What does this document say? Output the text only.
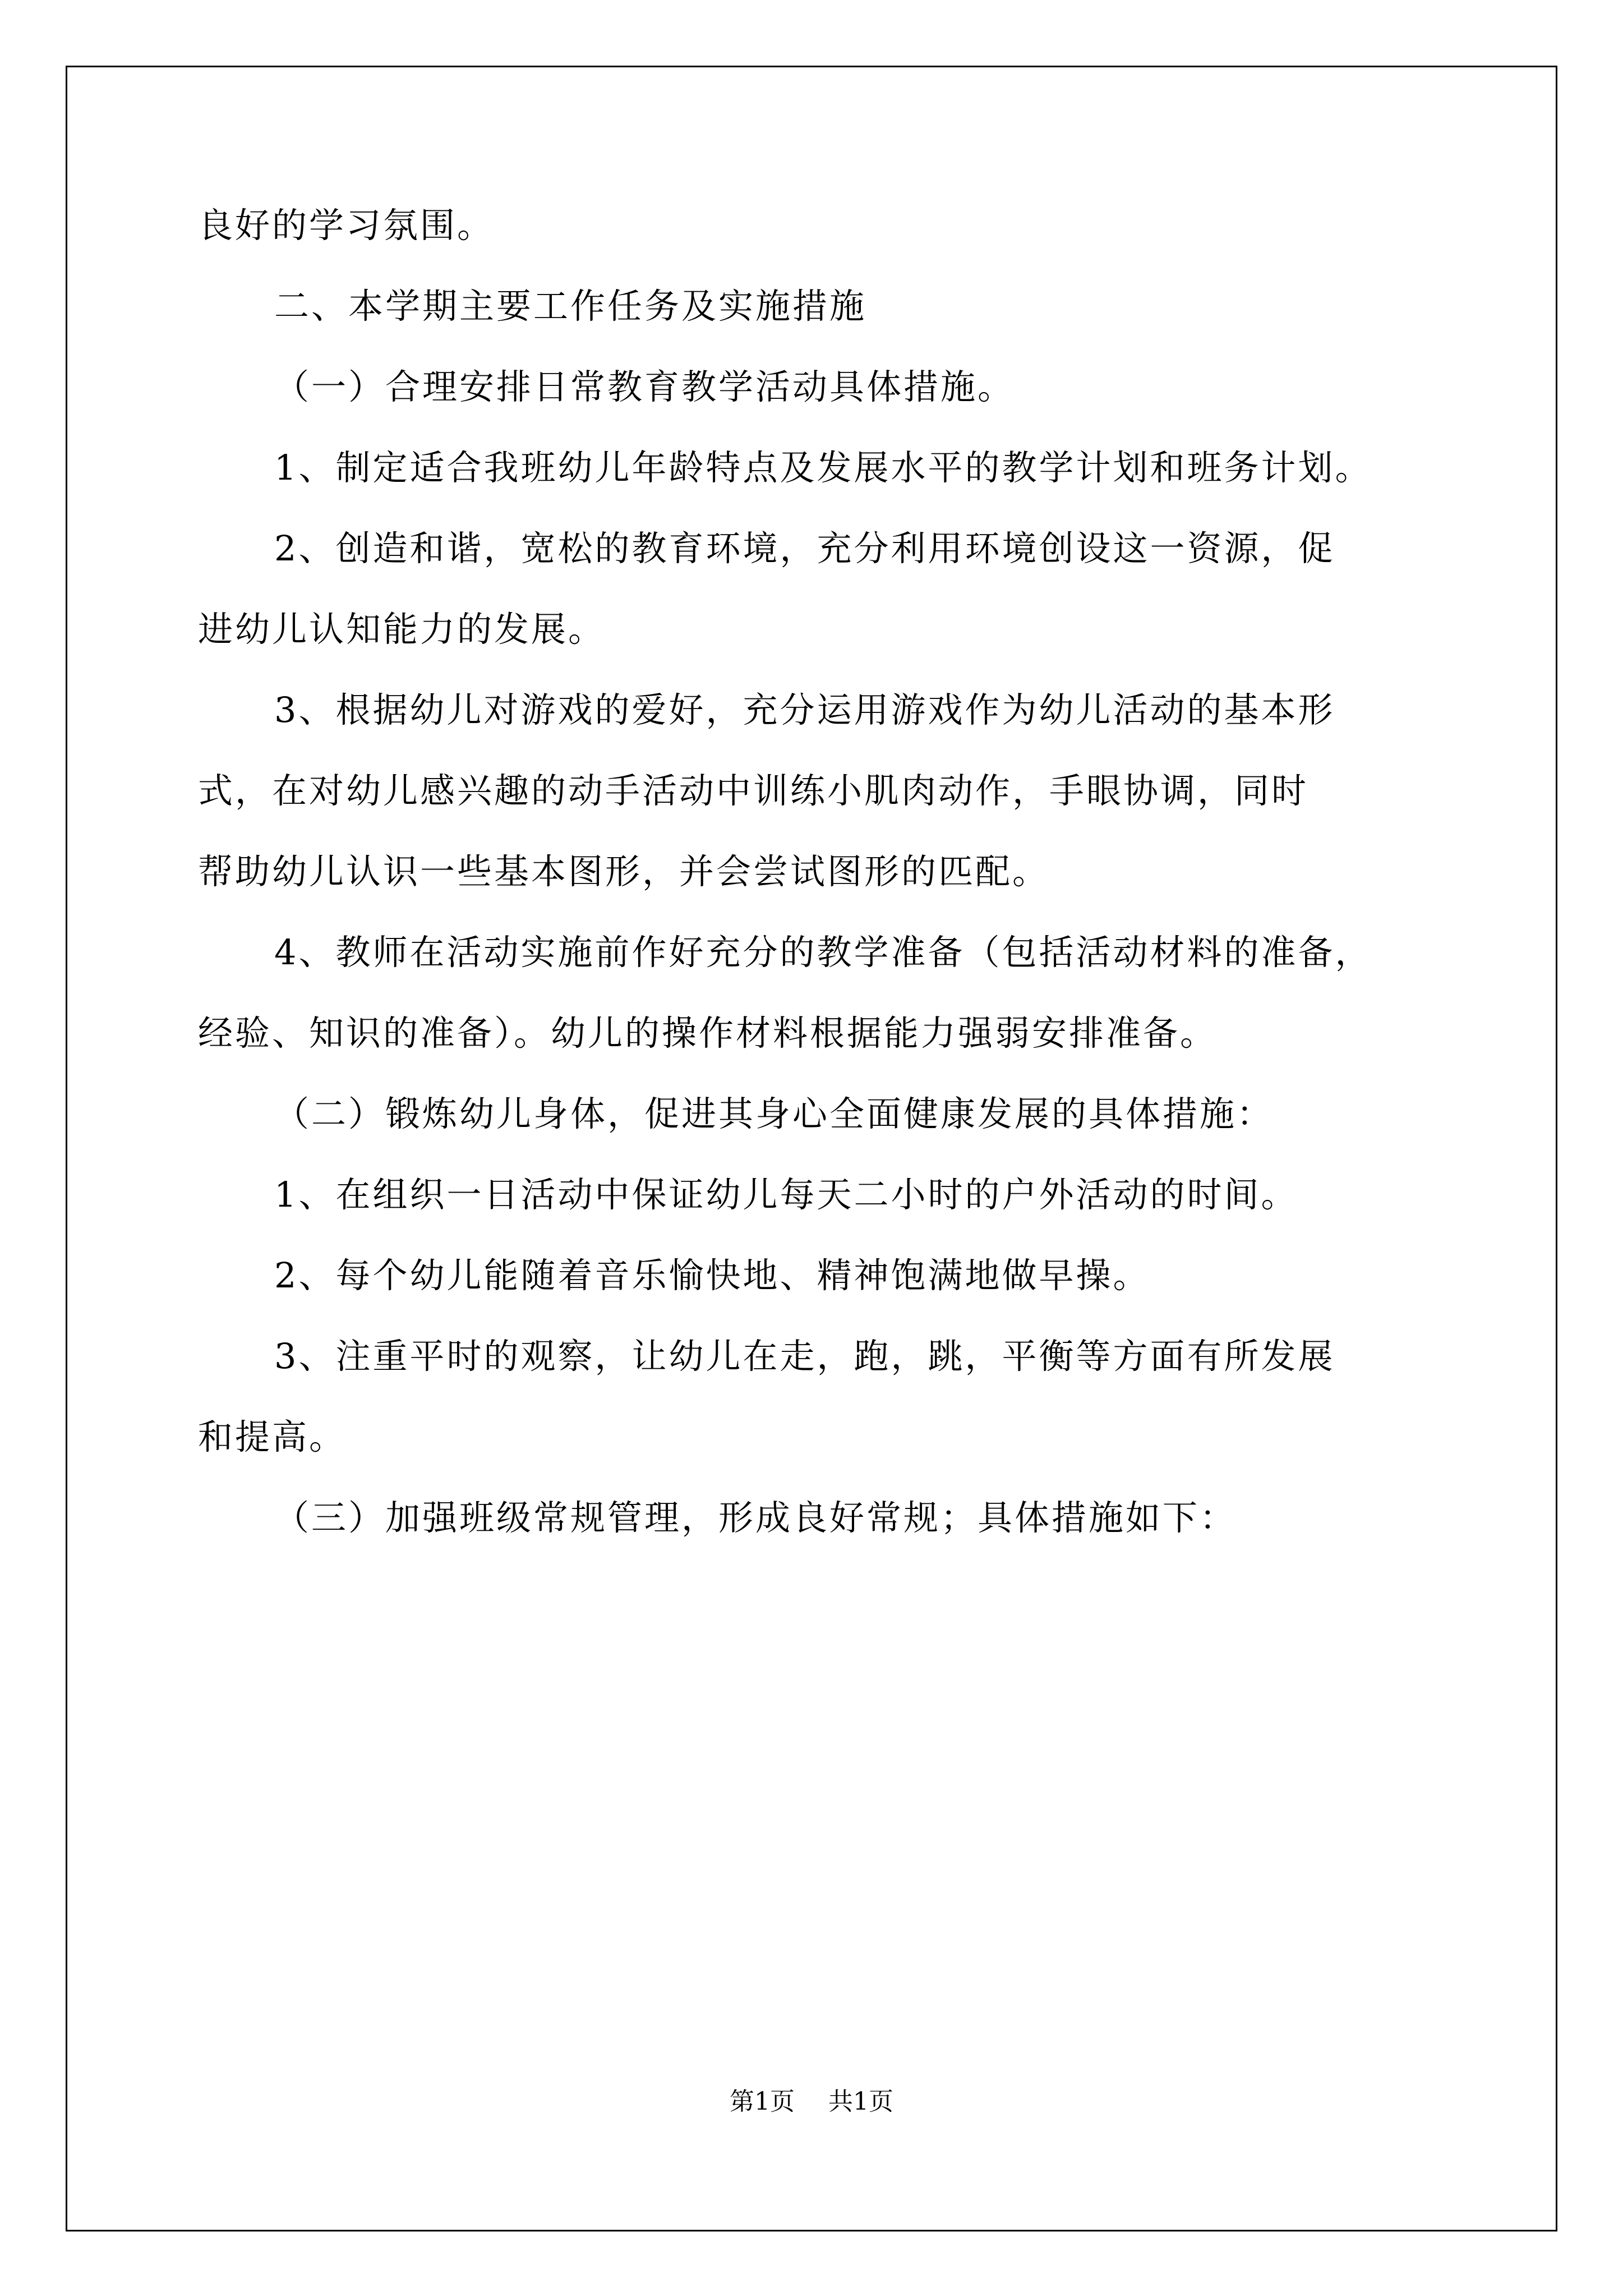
良好的学习氛围。

二、本学期主要工作任务及实施措施

（一）合理安排日常教育教学活动具体措施。

1、制定适合我班幼儿年龄特点及发展水平的教学计划和班务计划。

2、创造和谐，宽松的教育环境，充分利用环境创设这一资源，促

进幼儿认知能力的发展。

3、根据幼儿对游戏的爱好，充分运用游戏作为幼儿活动的基本形

式，在对幼儿感兴趣的动手活动中训练小肌肉动作，手眼协调，同时

帮助幼儿认识一些基本图形，并会尝试图形的匹配。

4、教师在活动实施前作好充分的教学准备（包括活动材料的准备，

经验、知识的准备）。幼儿的操作材料根据能力强弱安排准备。

（二）锻炼幼儿身体，促进其身心全面健康发展的具体措施：

1、在组织一日活动中保证幼儿每天二小时的户外活动的时间。

2、每个幼儿能随着音乐愉快地、精神饱满地做早操。

3、注重平时的观察，让幼儿在走，跑，跳，平衡等方面有所发展

和提高。

（三）加强班级常规管理，形成良好常规；具体措施如下：

第1页 共1页
